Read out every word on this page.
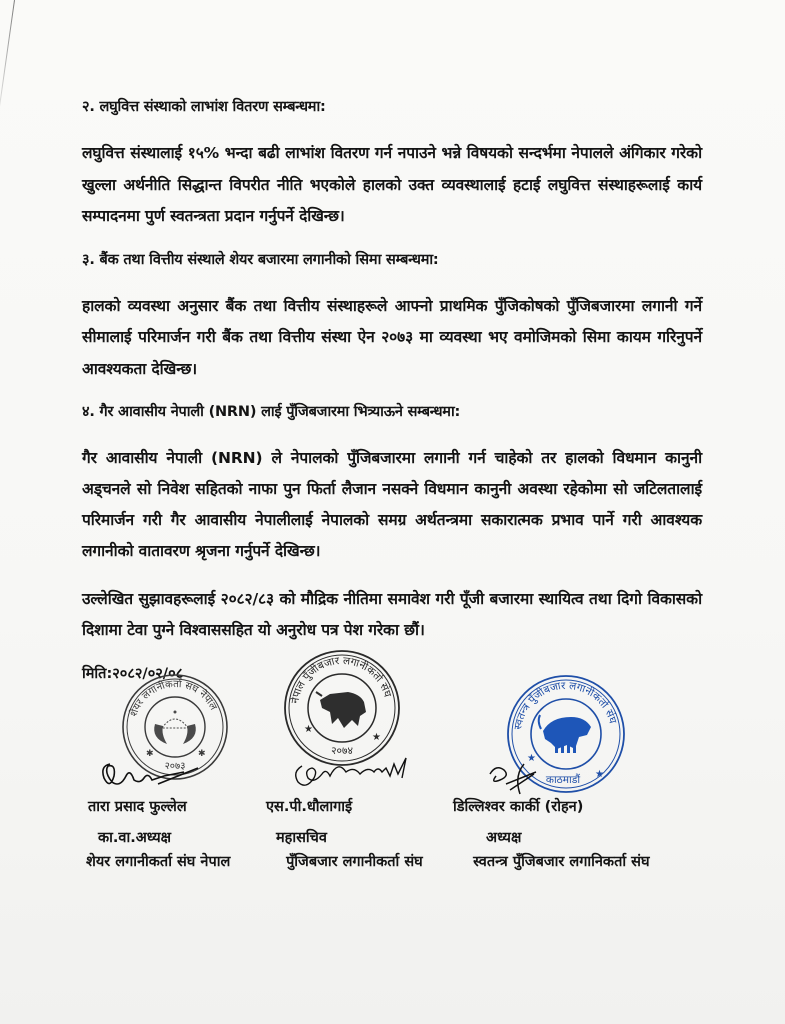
२. लघुवित्त संस्थाको लाभांश वितरण सम्बन्धमा:

लघुवित्त संस्थालाई १५% भन्दा बढी लाभांश वितरण गर्न नपाउने भन्ने विषयको सन्दर्भमा नेपालले अंगिकार गरेको खुल्ला अर्थनीति सिद्धान्त विपरीत नीति भएकोले हालको उक्त व्यवस्थालाई हटाई लघुवित्त संस्थाहरूलाई कार्य सम्पादनमा पुर्ण स्वतन्त्रता प्रदान गर्नुपर्ने देखिन्छ।

३. बैंक तथा वित्तीय संस्थाले शेयर बजारमा लगानीको सिमा सम्बन्धमा:

हालको व्यवस्था अनुसार बैंक तथा वित्तीय संस्थाहरूले आफ्नो प्राथमिक पुँजिकोषको पुँजिबजारमा लगानी गर्ने सीमालाई परिमार्जन गरी बैंक तथा वित्तीय संस्था ऐन २०७३ मा व्यवस्था भए वमोजिमको सिमा कायम गरिनुपर्ने आवश्यकता देखिन्छ।

४. गैर आवासीय नेपाली (NRN) लाई पुँजिबजारमा भित्र्याऊने सम्बन्धमा:

गैर आवासीय नेपाली (NRN) ले नेपालको पुँजिबजारमा लगानी गर्न चाहेको तर हालको विधमान कानुनी अड्चनले सो निवेश सहितको नाफा पुन फिर्ता लैजान नसक्ने विधमान कानुनी अवस्था रहेकोमा सो जटिलतालाई परिमार्जन गरी गैर आवासीय नेपालीलाई नेपालको समग्र अर्थतन्त्रमा सकारात्मक प्रभाव पार्ने गरी आवश्यक लगानीको वातावरण श्रृजना गर्नुपर्ने देखिन्छ।

उल्लेखित सुझावहरूलाई २०८२/८३ को मौद्रिक नीतिमा समावेश गरी पूँजी बजारमा स्थायित्व तथा दिगो विकासको दिशामा टेवा पुग्ने विश्वाससहित यो अनुरोध पत्र पेश गरेका छौं।

मिति:२०८२/०२/०८

शेयर लगानीकर्ता संघ नेपाल
✱	✱
२०७३
नेपाल पुँजीबजार लगानीकर्ता संघ
★
★
२०७४
स्वतन्त्र पुँजीबजार लगानीकर्ता संघ
★
★
काठमाडौं
तारा प्रसाद फुल्लेल	एस.पी.धौलागाई	डिल्लिश्वर कार्की (रोहन)
का.वा.अध्यक्ष	महासचिव	अध्यक्ष
शेयर लगानीकर्ता संघ नेपाल	पुँजिबजार लगानीकर्ता संघ	स्वतन्त्र पुँजिबजार लगानिकर्ता संघ
